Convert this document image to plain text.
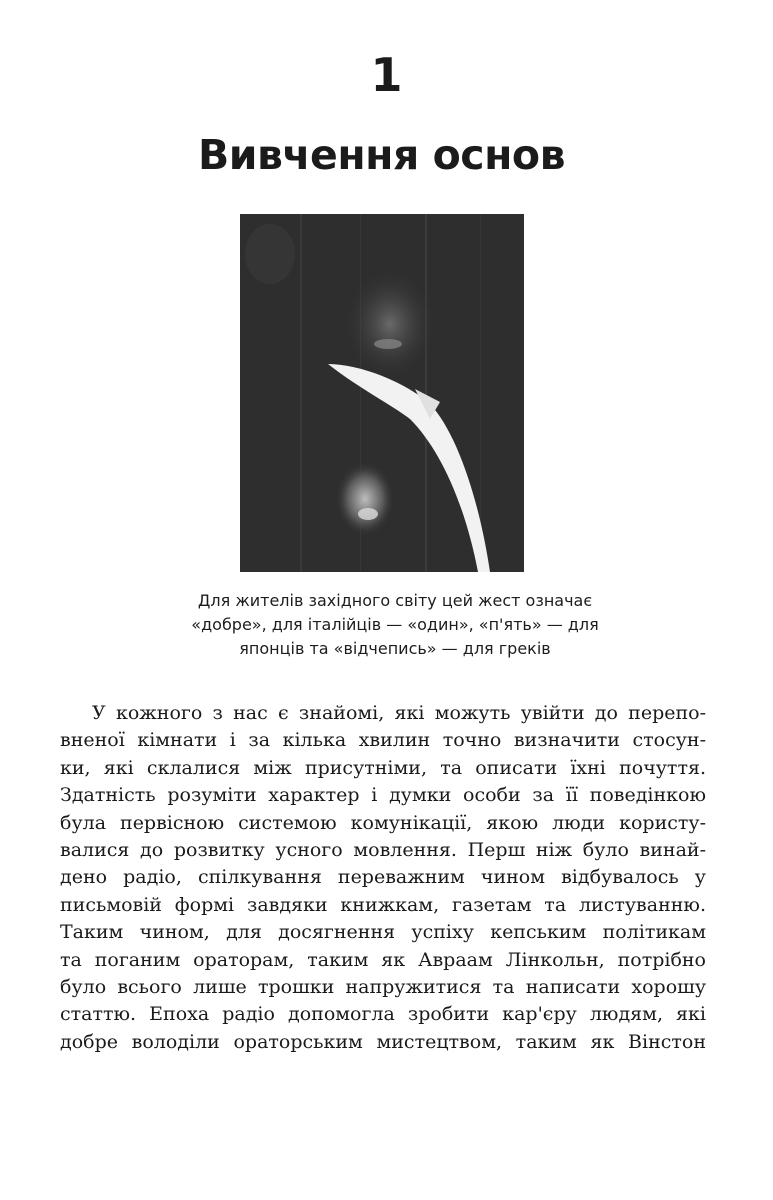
1
Вивчення основ
Для жителів західного світу цей жест означає
«добре», для італійців — «один», «п'ять» — для
японців та «відчепись» — для греків
У кожного з нас є знайомі, які можуть увійти до перепо-
вненої кімнати і за кілька хвилин точно визначити стосун-
ки, які склалися між присутніми, та описати їхні почуття.
Здатність розуміти характер і думки особи за її поведінкою
була первісною системою комунікації, якою люди користу-
валися до розвитку усного мовлення. Перш ніж було винай-
дено радіо, спілкування переважним чином відбувалось у
письмовій формі завдяки книжкам, газетам та листуванню.
Таким чином, для досягнення успіху кепським політикам
та поганим ораторам, таким як Авраам Лінкольн, потрібно
було всього лише трошки напружитися та написати хорошу
статтю. Епоха радіо допомогла зробити кар'єру людям, які
добре володіли ораторським мистецтвом, таким як Вінстон
